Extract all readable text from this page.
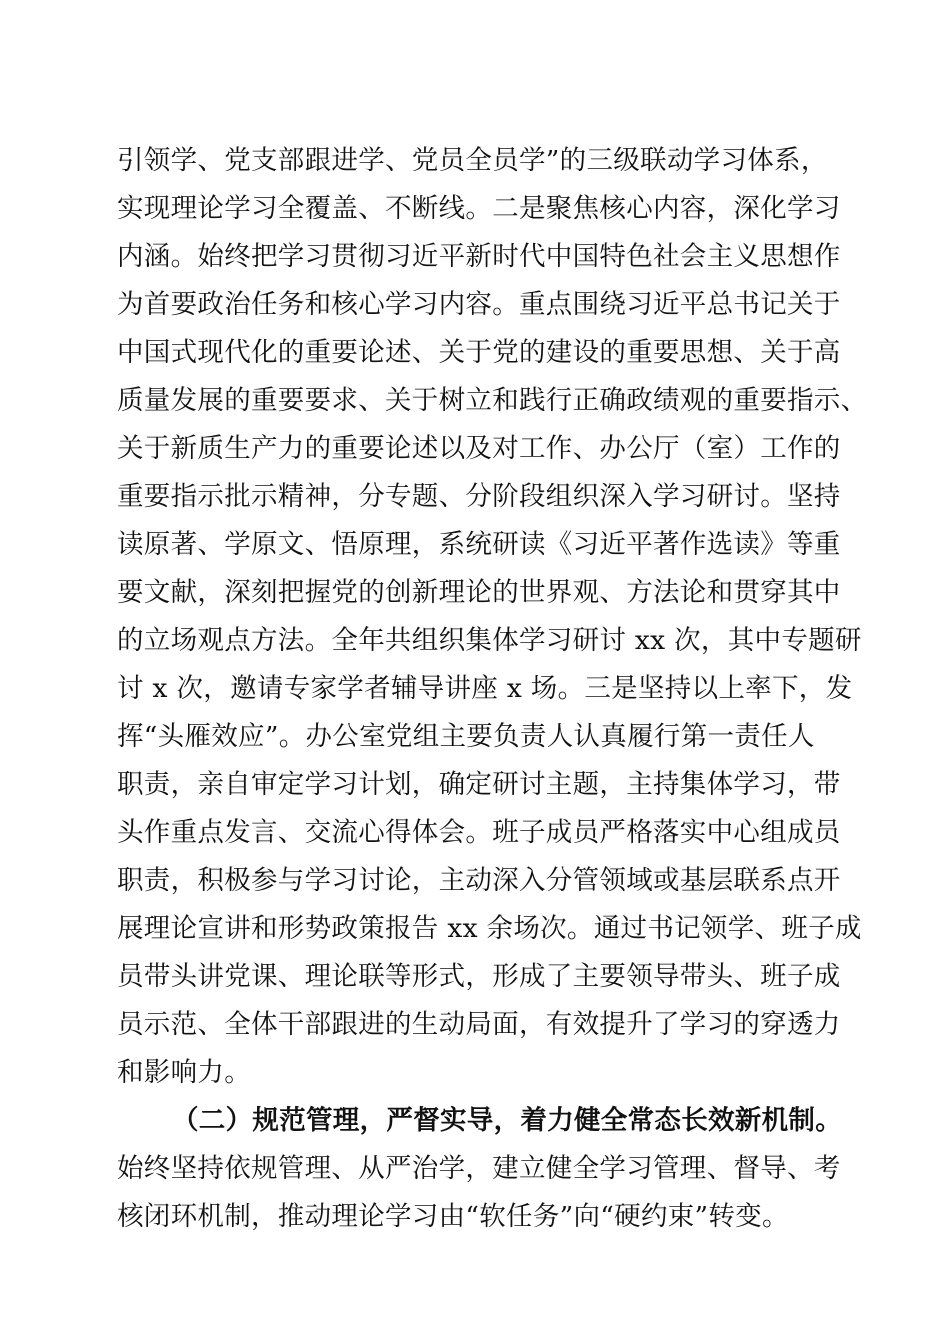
引领学、党支部跟进学、党员全员学”的三级联动学习体系，
实现理论学习全覆盖、不断线。二是聚焦核心内容，深化学习
内涵。始终把学习贯彻习近平新时代中国特色社会主义思想作
为首要政治任务和核心学习内容。重点围绕习近平总书记关于
中国式现代化的重要论述、关于党的建设的重要思想、关于高
质量发展的重要要求、关于树立和践行正确政绩观的重要指示、
关于新质生产力的重要论述以及对工作、办公厅（室）工作的
重要指示批示精神，分专题、分阶段组织深入学习研讨。坚持
读原著、学原文、悟原理，系统研读《习近平著作选读》等重
要文献，深刻把握党的创新理论的世界观、方法论和贯穿其中
的立场观点方法。全年共组织集体学习研讨 xx 次，其中专题研
讨 x 次，邀请专家学者辅导讲座 x 场。三是坚持以上率下，发
挥“头雁效应”。办公室党组主要负责人认真履行第一责任人
职责，亲自审定学习计划，确定研讨主题，主持集体学习，带
头作重点发言、交流心得体会。班子成员严格落实中心组成员
职责，积极参与学习讨论，主动深入分管领域或基层联系点开
展理论宣讲和形势政策报告 xx 余场次。通过书记领学、班子成
员带头讲党课、理论联等形式，形成了主要领导带头、班子成
员示范、全体干部跟进的生动局面，有效提升了学习的穿透力
和影响力。
（二）规范管理，严督实导，着力健全常态长效新机制。
始终坚持依规管理、从严治学，建立健全学习管理、督导、考
核闭环机制，推动理论学习由“软任务”向“硬约束”转变。
